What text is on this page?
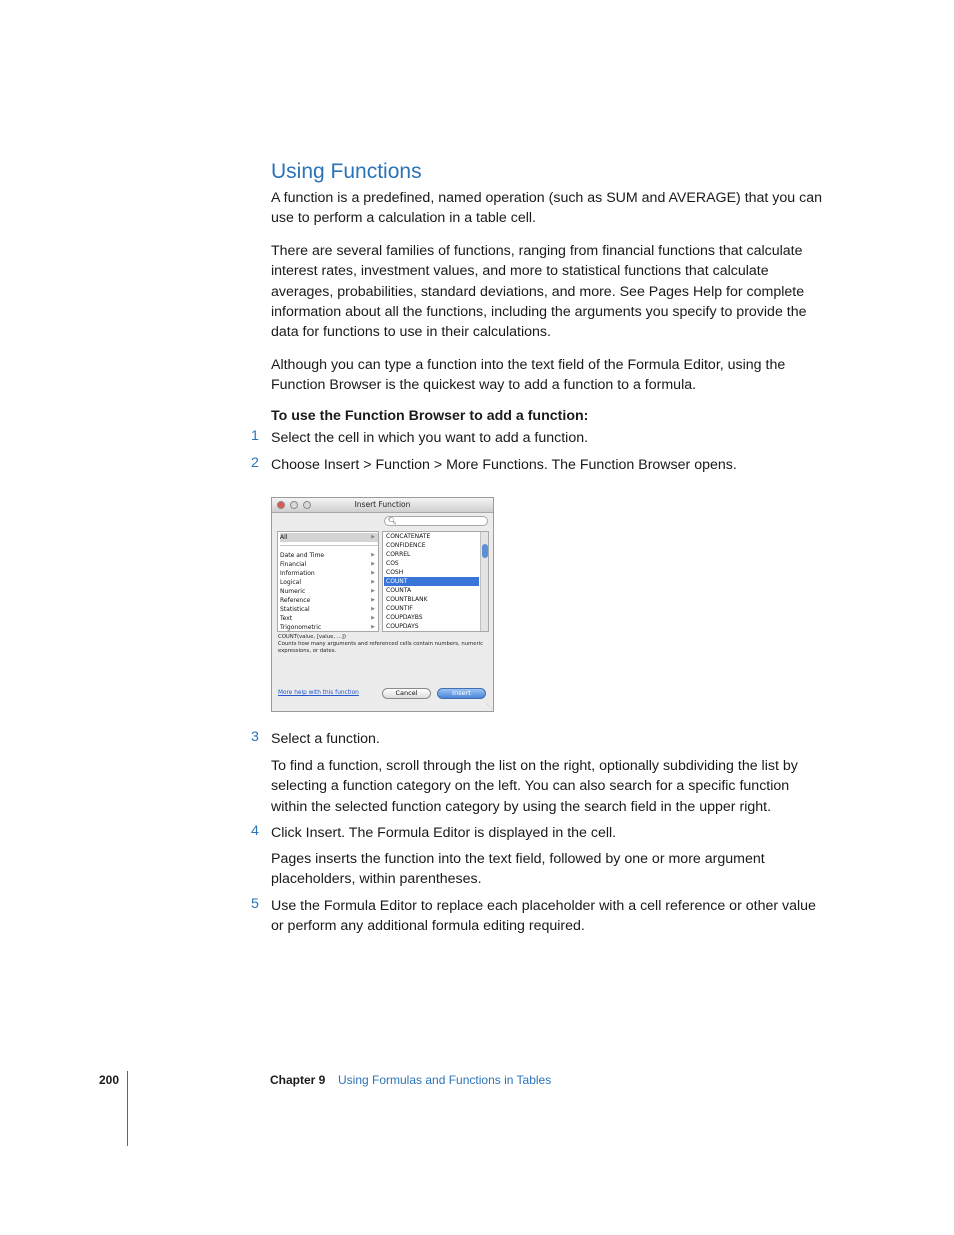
Using Functions

A function is a predefined, named operation (such as SUM and AVERAGE) that you can use to perform a calculation in a table cell.

There are several families of functions, ranging from financial functions that calculate interest rates, investment values, and more to statistical functions that calculate averages, probabilities, standard deviations, and more. See Pages Help for complete information about all the functions, including the arguments you specify to provide the data for functions to use in their calculations.

Although you can type a function into the text field of the Formula Editor, using the Function Browser is the quickest way to add a function to a formula.

To use the Function Browser to add a function:
1 Select the cell in which you want to add a function.

2 Choose Insert > Function > More Functions. The Function Browser opens.

Insert Function
🔍︎
All	▶
Date and Time	▶
Financial	▶
Information	▶
Logical	▶
Numeric	▶
Reference	▶
Statistical	▶
Text	▶
Trigonometric	▶
CONCATENATE
CONFIDENCE
CORREL
COS
COSH
COUNT
COUNTA
COUNTBLANK
COUNTIF
COUPDAYBS
COUPDAYS
COUNT(value, [value, ...])
Counts how many arguments and referenced cells contain numbers, numeric expressions, or dates.
More help with this function	Cancel	Insert
⋱
3 Select a function.

To find a function, scroll through the list on the right, optionally subdividing the list by selecting a function category on the left. You can also search for a specific function within the selected function category by using the search field in the upper right.

4 Click Insert. The Formula Editor is displayed in the cell.

Pages inserts the function into the text field, followed by one or more argument placeholders, within parentheses.

5 Use the Formula Editor to replace each placeholder with a cell reference or other value or perform any additional formula editing required.

200	Chapter 9 Using Formulas and Functions in Tables
